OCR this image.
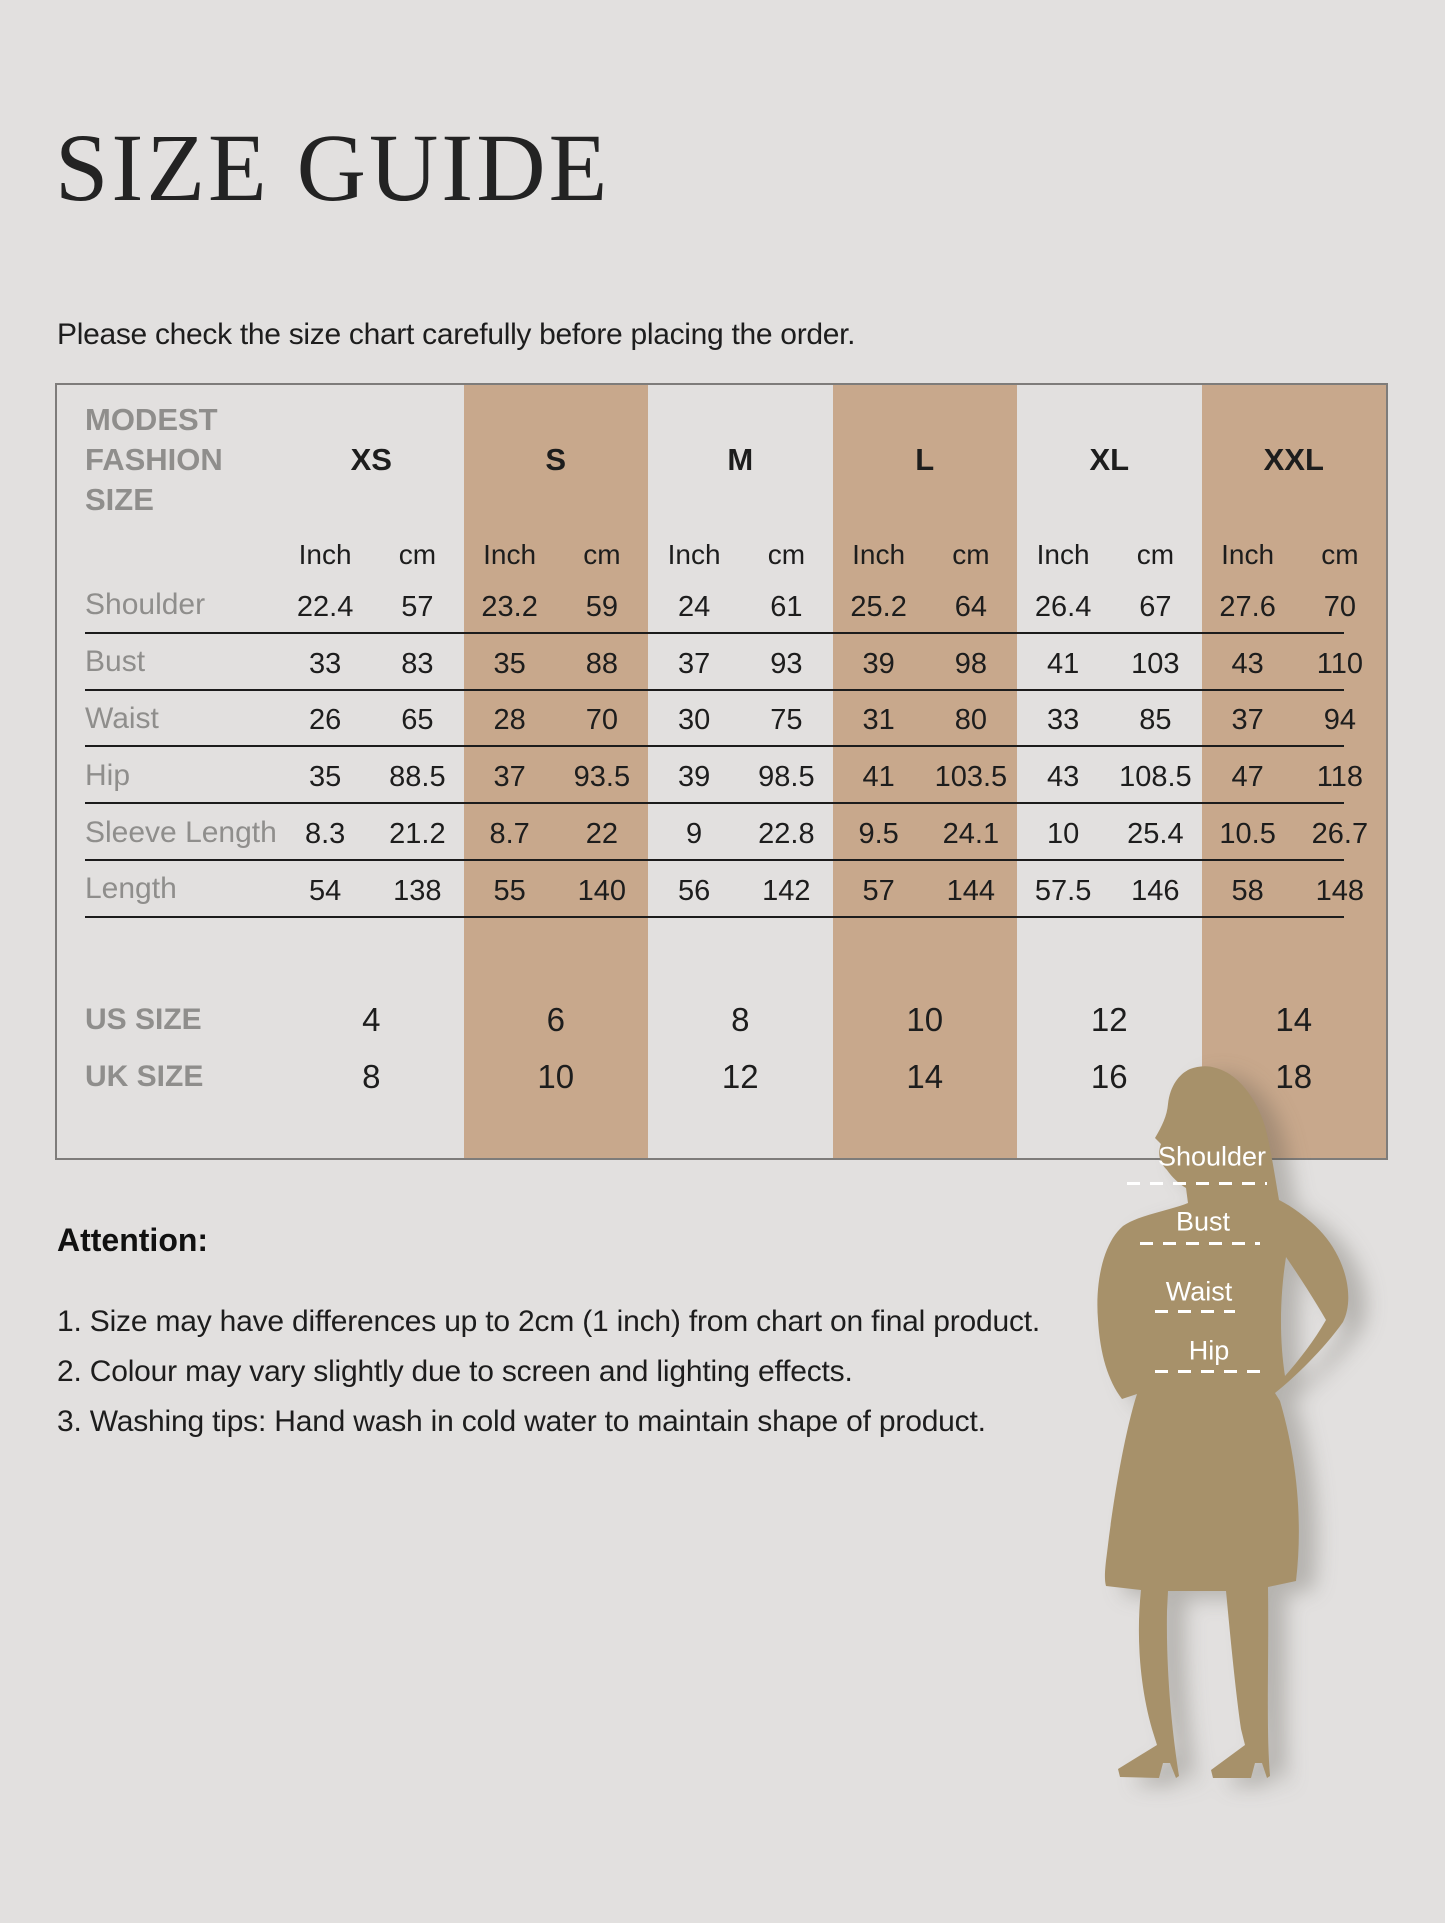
SIZE GUIDE

Please check the size chart carefully before placing the order.

MODEST
FASHION SIZE
XS	S	M	L	XL	XXL
Inch	cm	Inch	cm	Inch	cm	Inch	cm	Inch	cm	Inch	cm
Shoulder	22.4	57	23.2	59	24	61	25.2	64	26.4	67	27.6	70
Bust	33	83	35	88	37	93	39	98	41	103	43	110
Waist	26	65	28	70	30	75	31	80	33	85	37	94
Hip	35	88.5	37	93.5	39	98.5	41	103.5	43	108.5	47	118
Sleeve Length 8.3	21.2	8.7	22	9	22.8	9.5	24.1	10	25.4	10.5	26.7
Length	54	138	55	140	56	142	57	144	57.5	146	58	148
US SIZE	4	6	8	10	12	14
UK SIZE	8	10	12	14	16	18
Attention:
1. Size may have differences up to 2cm (1 inch) from chart on final product.
2. Colour may vary slightly due to screen and lighting effects.
3. Washing tips: Hand wash in cold water to maintain shape of product.
Shoulder
Bust
Waist
Hip
